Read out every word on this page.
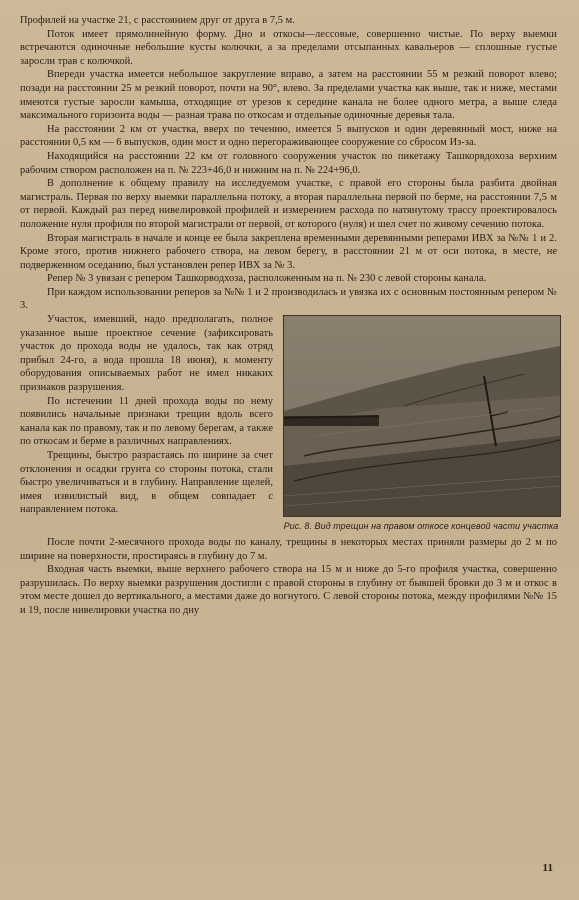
Профилей на участке 21, с расстоянием друг от друга в 7,5 м.

Поток имеет прямолинейную форму. Дно и откосы—лессовые, совершенно чистые. По верху выемки встречаются одиночные небольшие кусты колючки, а за пределами отсыпанных кавальеров — сплошные густые заросли трав с колючкой.

Впереди участка имеется небольшое закругление вправо, а затем на расстоянии 55 м резкий поворот влево; позади на расстоянии 25 м резкий поворот, почти на 90°, влево. За пределами участка как выше, так и ниже, местами имеются густые заросли камыша, отходящие от урезов к середине канала не более одного метра, а выше следа максимального горизонта воды — разная трава по откосам и отдельные одиночные деревья тала.

На расстоянии 2 км от участка, вверх по течению, имеется 5 выпусков и один деревянный мост, ниже на расстоянии 0,5 км — 6 выпусков, один мост и одно перегораживающее сооружение со сбросом Из-за.

Находящийся на расстоянии 22 км от головного сооружения участок по пикетажу Ташкорвдохоза верхним рабочим створом расположен на п. № 223+46,0 и нижним на п. № 224+96,0.

В дополнение к общему правилу на исследуемом участке, с правой его стороны была разбита двойная магистраль. Первая по верху выемки параллельна потоку, а вторая параллельна первой по берме, на расстоянии 7,5 м от первой. Каждый раз перед нивелировкой профилей и измерением расхода по натянутому трассу проектировалось положение нуля профиля по второй магистрали от первой, от которого (нуля) и шел счет по живому сечению потока.

Вторая магистраль в начале и конце ее была закреплена временными деревянными реперами ИВХ за №№ 1 и 2. Кроме этого, против нижнего рабочего створа, на левом берегу, в расстоянии 21 м от оси потока, в месте, не подверженном оседанию, был установлен репер ИВХ за № 3.

Репер № 3 увязан с репером Ташкорводхоза, расположенным на п. № 230 с левой стороны канала.

При каждом использовании реперов за №№ 1 и 2 производилась и увязка их с основным постоянным репером № 3.

Рис. 8. Вид трещин на правом откосе концевой части участка

Участок, имевший, надо предполагать, полное указанное выше проектное сечение (зафиксировать участок до прохода воды не удалось, так как отряд прибыл 24-го, а вода прошла 18 июня), к моменту оборудования описываемых работ не имел никаких признаков разрушения.

По истечении 11 дней прохода воды по нему появились начальные признаки трещин вдоль всего канала как по правому, так и по левому берегам, а также по откосам и берме в различных направлениях.

Трещины, быстро разрастаясь по ширине за счет отклонения и осадки грунта со стороны потока, стали быстро увеличиваться и в глубину. Направление щелей, имея извилистый вид, в общем совпадает с направлением потока.

После почти 2-месячного прохода воды по каналу, трещины в некоторых местах приняли размеры до 2 м по ширине на поверхности, простираясь в глубину до 7 м.

Входная часть выемки, выше верхнего рабочего створа на 15 м и ниже до 5-го профиля участка, совершенно разрушилась. По верху выемки разрушения достигли с правой стороны в глубину от бывшей бровки до 3 м и откос в этом месте дошел до вертикального, а местами даже до вогнутого. С левой стороны потока, между профилями №№ 15 и 19, после нивелировки участка по дну

11
